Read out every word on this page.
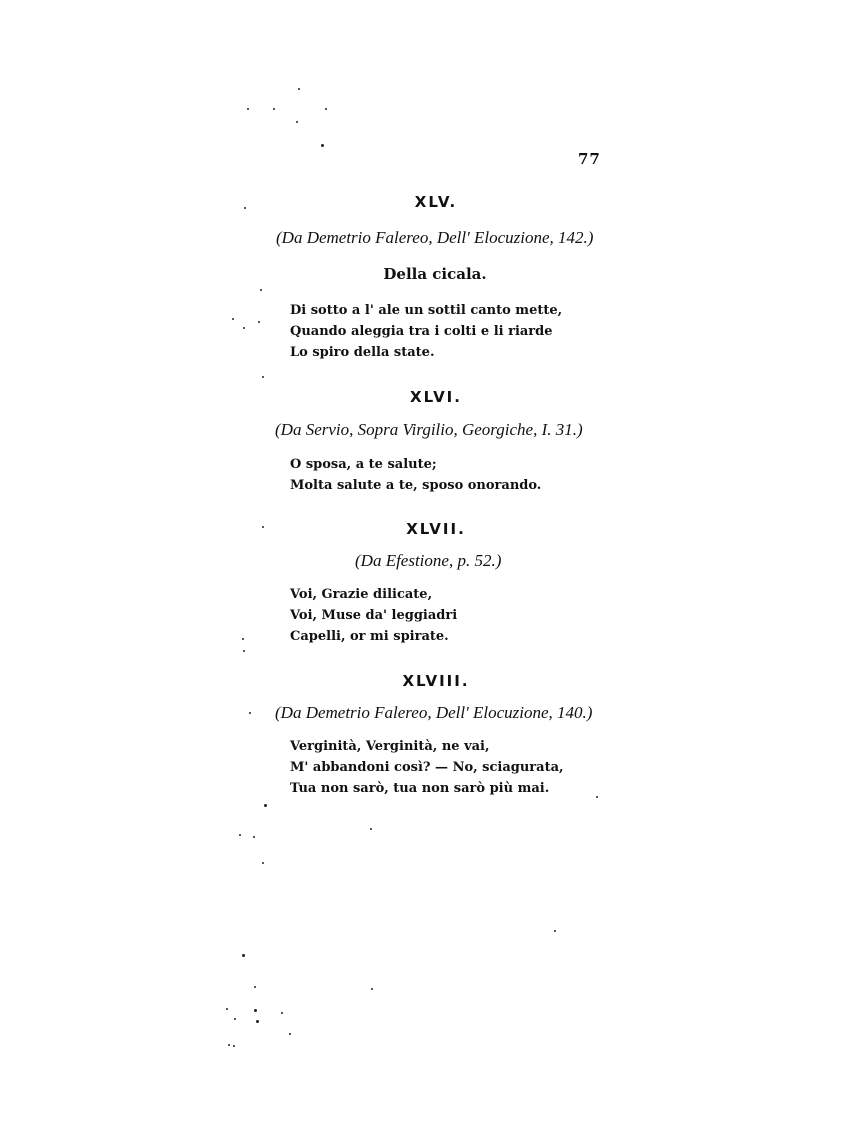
77
XLV.
(Da Demetrio Falereo, Dell' Elocuzione, 142.)
Della cicala.
Di sotto a l' ale un sottil canto mette,
Quando aleggia tra i colti e li riarde
Lo spiro della state.
XLVI.
(Da Servio, Sopra Virgilio, Georgiche, I. 31.)
O sposa, a te salute;
Molta salute a te, sposo onorando.
XLVII.
(Da Efestione, p. 52.)
Voi, Grazie dilicate,
Voi, Muse da' leggiadri
Capelli, or mi spirate.
XLVIII.
(Da Demetrio Falereo, Dell' Elocuzione, 140.)
Verginità, Verginità, ne vai,
M' abbandoni così? — No, sciagurata,
Tua non sarò, tua non sarò più mai.
